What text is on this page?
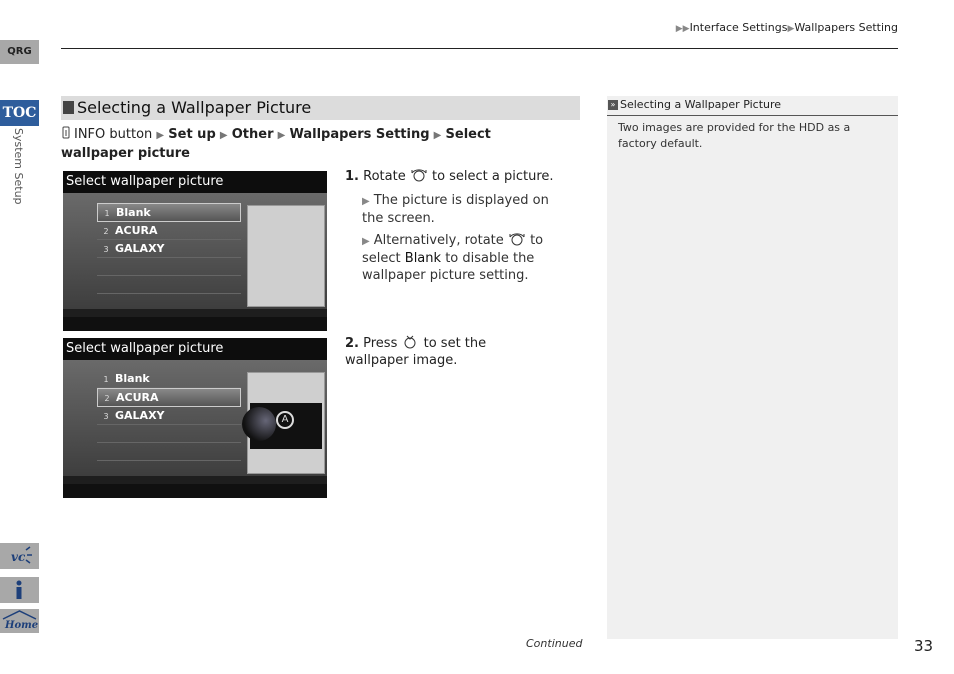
QRG
TOC
System Setup
vc
Home
▶▶Interface Settings▶Wallpapers Setting
Selecting a Wallpaper Picture
INFO button ▶ Set up ▶ Other ▶ Wallpapers Setting ▶ Select wallpaper picture
Select wallpaper picture
1 Blank
2 ACURA
3 GALAXY
Select wallpaper picture
1 Blank
2 ACURA
3 GALAXY	A
1. Rotate to select a picture.
▶ The picture is displayed on the screen.
▶ Alternatively, rotate to select Blank to disable the wallpaper picture setting.
2. Press to set the wallpaper image.
» Selecting a Wallpaper Picture
Two images are provided for the HDD as a factory default.
Continued	33
